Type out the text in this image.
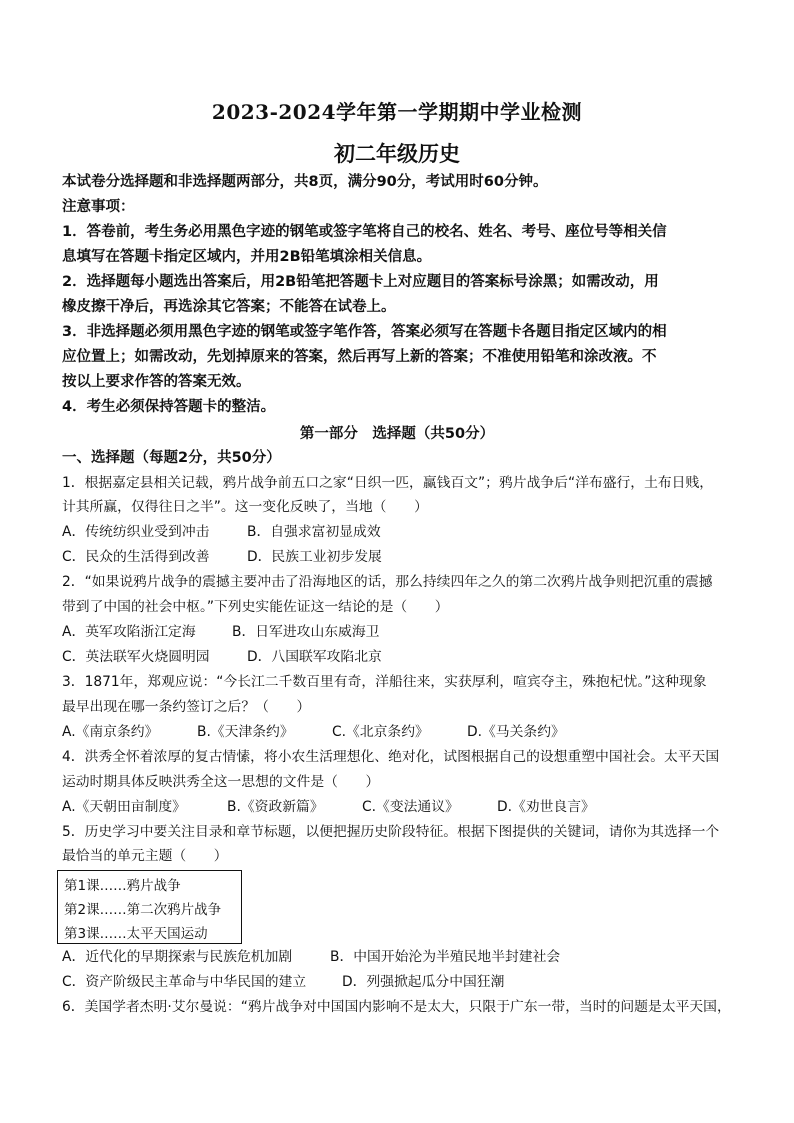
2023-2024学年第一学期期中学业检测
初二年级历史
本试卷分选择题和非选择题两部分，共8页，满分90分，考试用时60分钟。
注意事项：
1．答卷前，考生务必用黑色字迹的钢笔或签字笔将自己的校名、姓名、考号、座位号等相关信
息填写在答题卡指定区域内，并用2B铅笔填涂相关信息。
2．选择题每小题选出答案后，用2B铅笔把答题卡上对应题目的答案标号涂黑；如需改动，用
橡皮擦干净后，再选涂其它答案；不能答在试卷上。
3．非选择题必须用黑色字迹的钢笔或签字笔作答，答案必须写在答题卡各题目指定区域内的相
应位置上；如需改动，先划掉原来的答案，然后再写上新的答案；不准使用铅笔和涂改液。不
按以上要求作答的答案无效。
4．考生必须保持答题卡的整洁。
第一部分　选择题（共50分）
一、选择题（每题2分，共50分）
1．根据嘉定县相关记载，鸦片战争前五口之家“日织一匹，赢钱百文”；鸦片战争后“洋布盛行，土布日贱，
计其所赢，仅得往日之半”。这一变化反映了，当地（　　）
A．传统纺织业受到冲击	B．自强求富初显成效
C．民众的生活得到改善	D．民族工业初步发展
2．“如果说鸦片战争的震撼主要冲击了沿海地区的话，那么持续四年之久的第二次鸦片战争则把沉重的震撼
带到了中国的社会中枢。”下列史实能佐证这一结论的是（　　）
A．英军攻陷浙江定海	B．日军进攻山东威海卫
C．英法联军火烧圆明园	D．八国联军攻陷北京
3．1871年，郑观应说：“今长江二千数百里有奇，洋船往来，实获厚利，喧宾夺主，殊抱杞忧。”这种现象
最早出现在哪一条约签订之后？（　　）
A.《南京条约》	B.《天津条约》	C.《北京条约》	D.《马关条约》
4．洪秀全怀着浓厚的复古情愫，将小农生活理想化、绝对化，试图根据自己的设想重塑中国社会。太平天国
运动时期具体反映洪秀全这一思想的文件是（　　）
A.《天朝田亩制度》	B.《资政新篇》	C.《变法通议》	D.《劝世良言》
5．历史学习中要关注目录和章节标题，以便把握历史阶段特征。根据下图提供的关键词，请你为其选择一个
最恰当的单元主题（　　）
第1课……鸦片战争
第2课……第二次鸦片战争
第3课……太平天国运动
A．近代化的早期探索与民族危机加剧	B．中国开始沦为半殖民地半封建社会
C．资产阶级民主革命与中华民国的建立	D．列强掀起瓜分中国狂潮
6．美国学者杰明·艾尔曼说：“鸦片战争对中国国内影响不是太大，只限于广东一带，当时的问题是太平天国，
